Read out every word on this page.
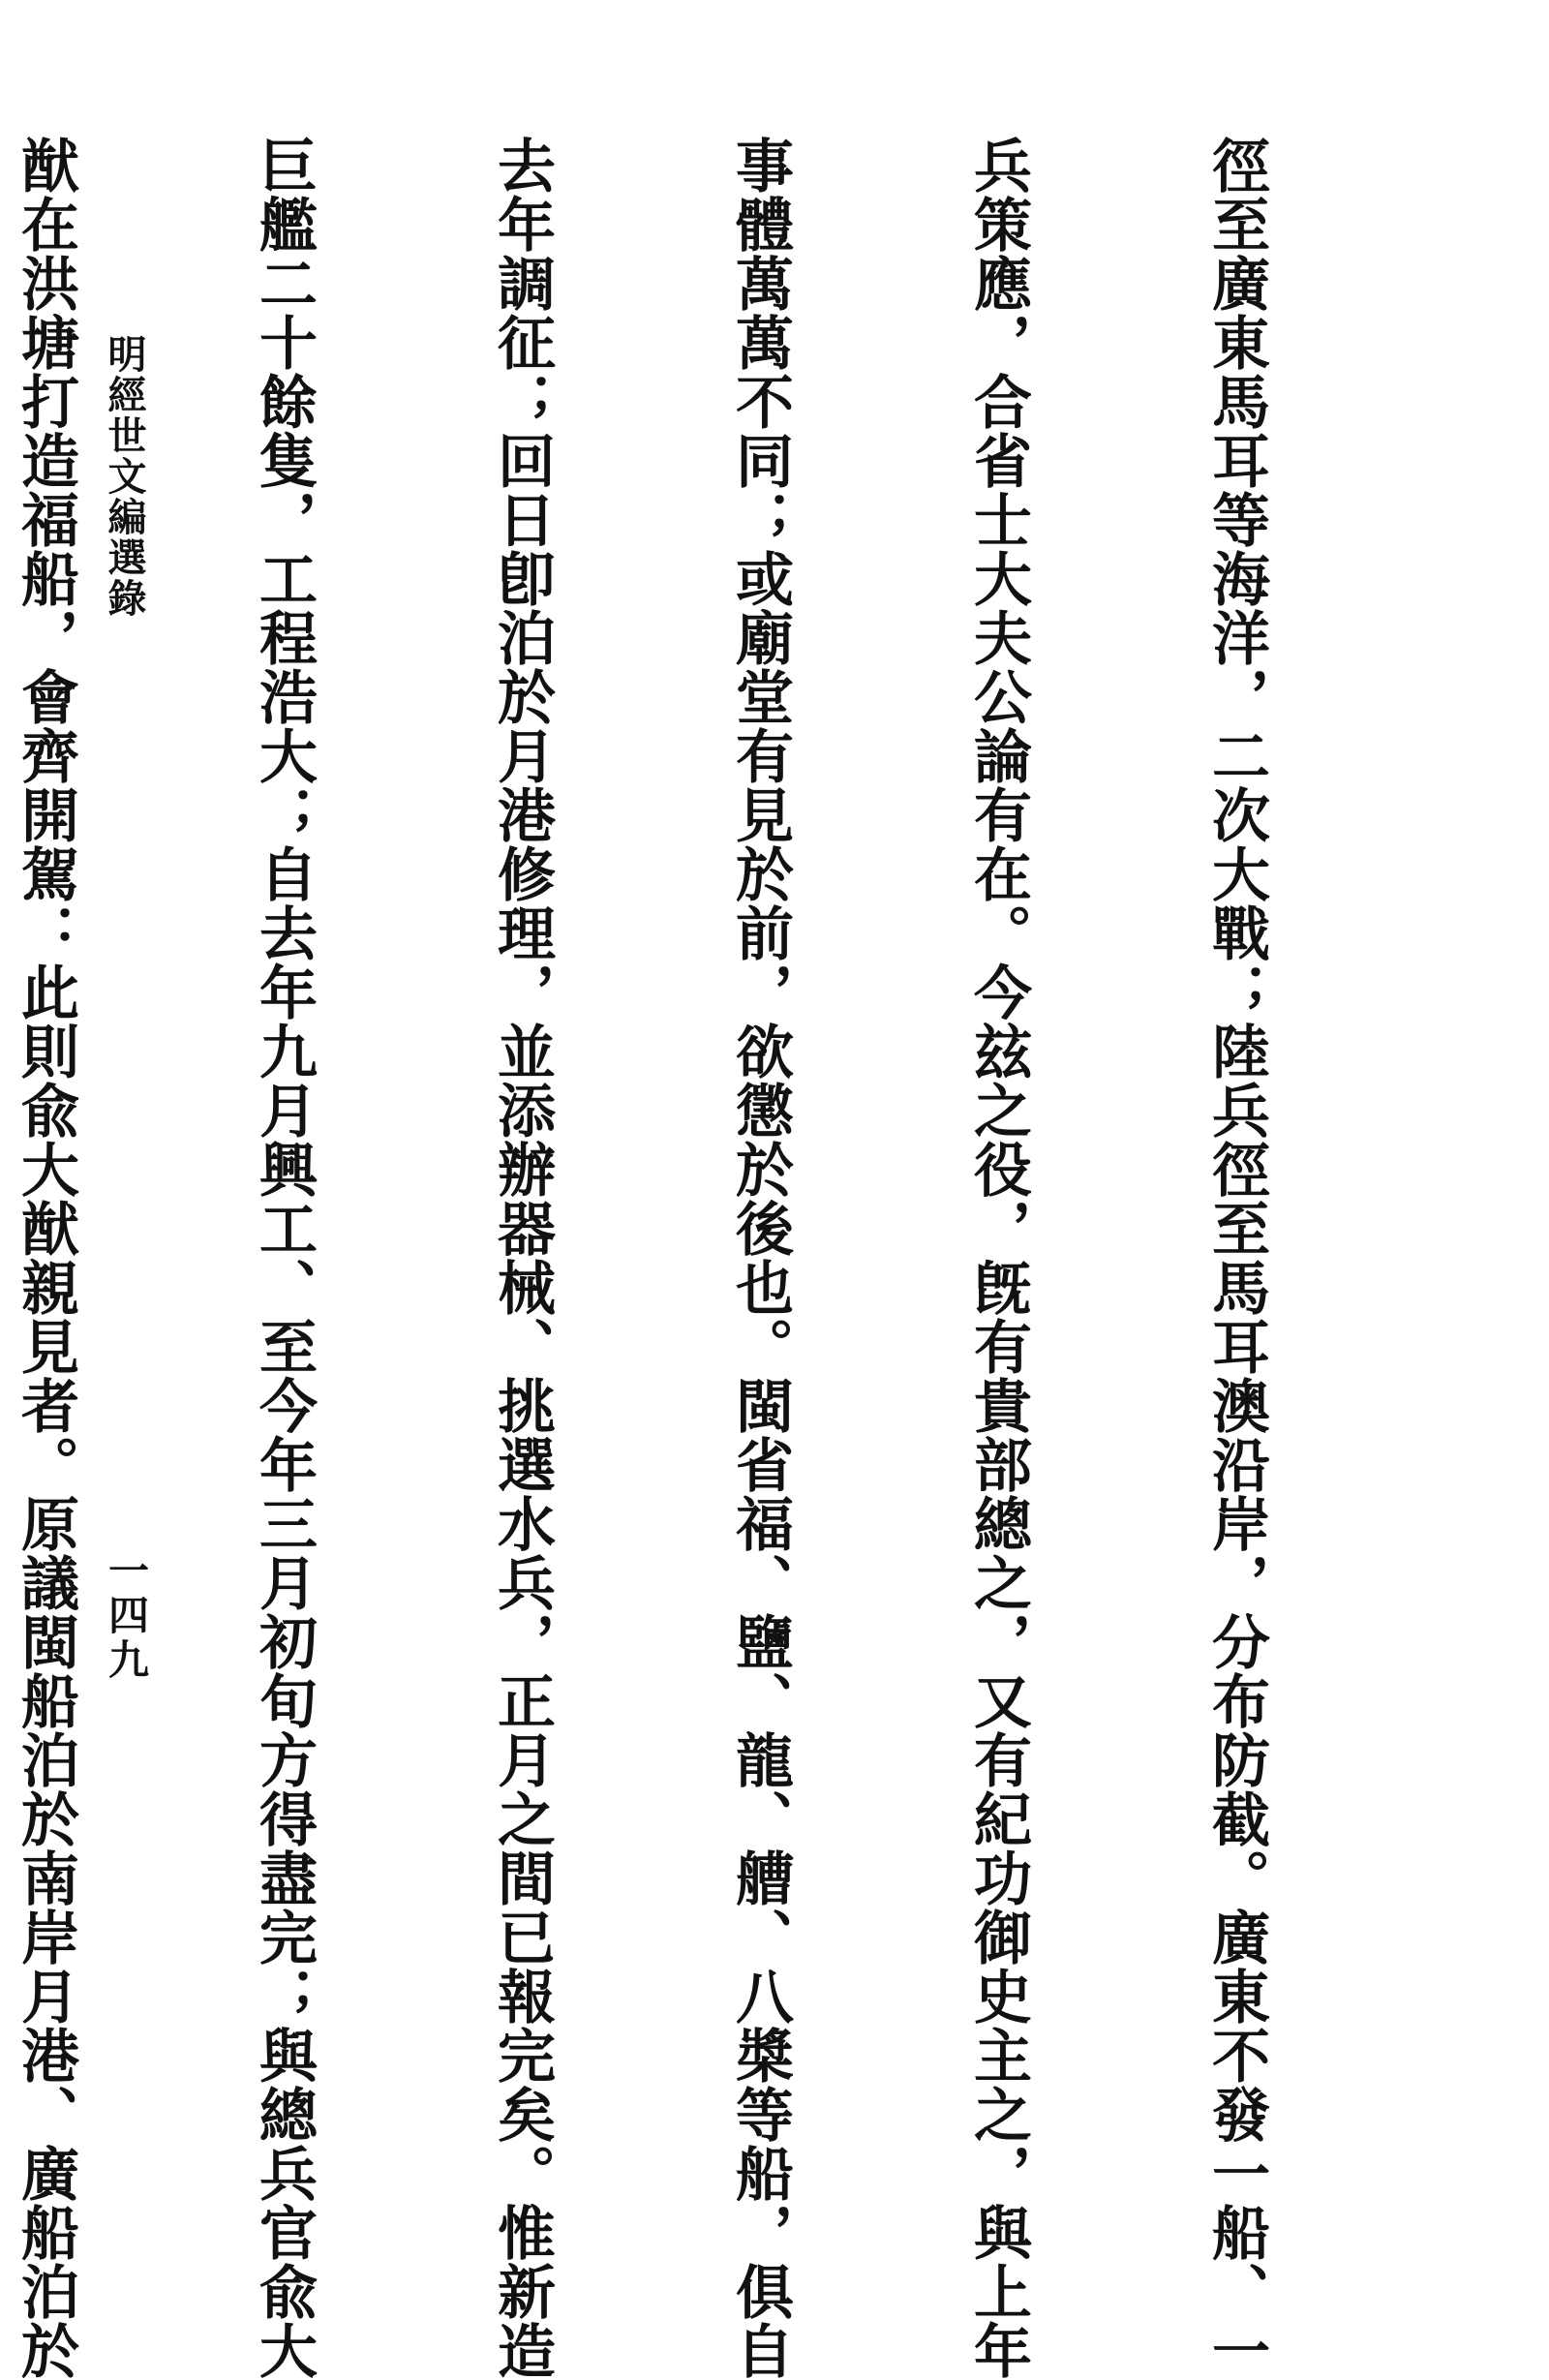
徑至廣東馬耳等海洋，二次大戰；陸兵徑至馬耳澳沿岸，分布防截。廣東不發一船、一

兵策應，合省士大夫公論有在。今玆之役，旣有貴部總之，又有紀功御史主之，與上年

事體萬萬不同；或廟堂有見於前，欲懲於後也。閩省福、鹽、龍、艚、八槳等船，俱自

去年調征；回日卽泊於月港修理，並添辦器械、挑選水兵，正月之間已報完矣。惟新造

巨艦二十餘隻，工程浩大；自去年九月興工、至今年三月初旬方得盡完；與總兵官兪大

猷在洪塘打造福船，會齊開駕：此則兪大猷親見者。原議閩船泊於南岸月港、廣船泊於

明經世文編選錄
一四九
